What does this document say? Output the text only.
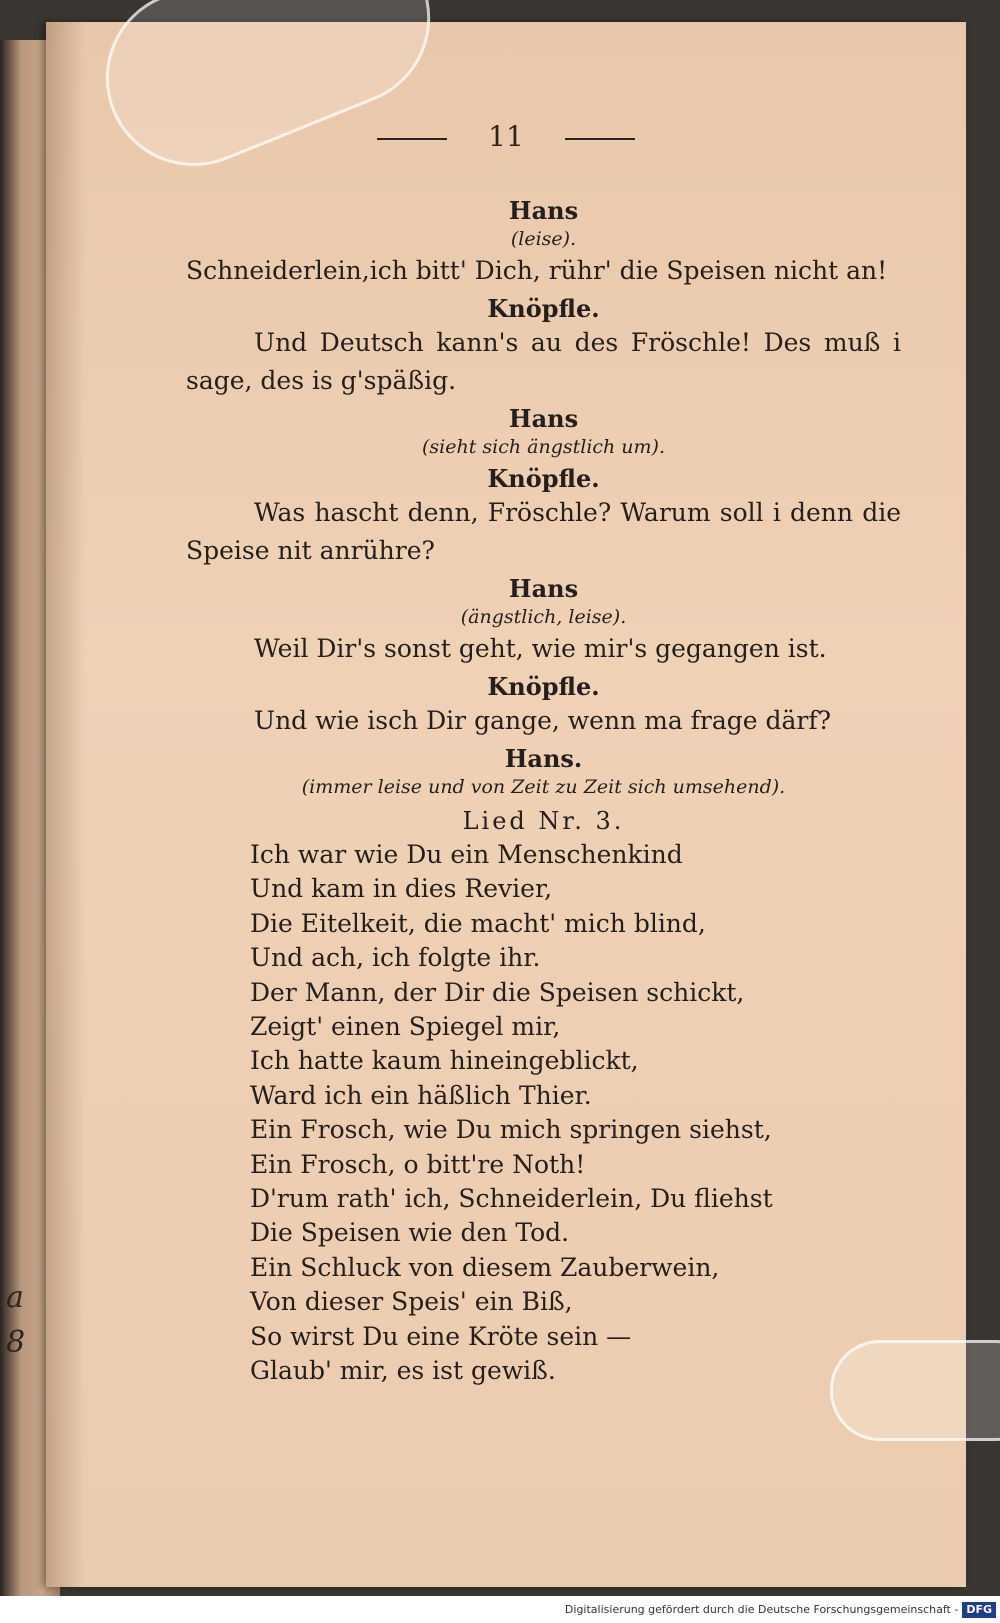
a
8
11
Hans
(leise).
Schneiderlein,ich bitt' Dich, rühr' die Speisen nicht an!
Knöpfle.
Und Deutsch kann's au des Fröschle! Des muß i sage, des is g'späßig.
Hans
(sieht sich ängstlich um).
Knöpfle.
Was hascht denn, Fröschle? Warum soll i denn die Speise nit anrühre?
Hans
(ängstlich, leise).
Weil Dir's sonst geht, wie mir's gegangen ist.
Knöpfle.
Und wie isch Dir gange, wenn ma frage därf?
Hans.
(immer leise und von Zeit zu Zeit sich umsehend).
Lied Nr. 3.
Ich war wie Du ein Menschenkind
Und kam in dies Revier,
Die Eitelkeit, die macht' mich blind,
Und ach, ich folgte ihr.
Der Mann, der Dir die Speisen schickt,
Zeigt' einen Spiegel mir,
Ich hatte kaum hineingeblickt,
Ward ich ein häßlich Thier.
Ein Frosch, wie Du mich springen siehst,
Ein Frosch, o bitt're Noth!
D'rum rath' ich, Schneiderlein, Du fliehst
Die Speisen wie den Tod.
Ein Schluck von diesem Zauberwein,
Von dieser Speis' ein Biß,
So wirst Du eine Kröte sein —
Glaub' mir, es ist gewiß.
Digitalisierung gefördert durch die Deutsche Forschungsgemeinschaft - DFG
